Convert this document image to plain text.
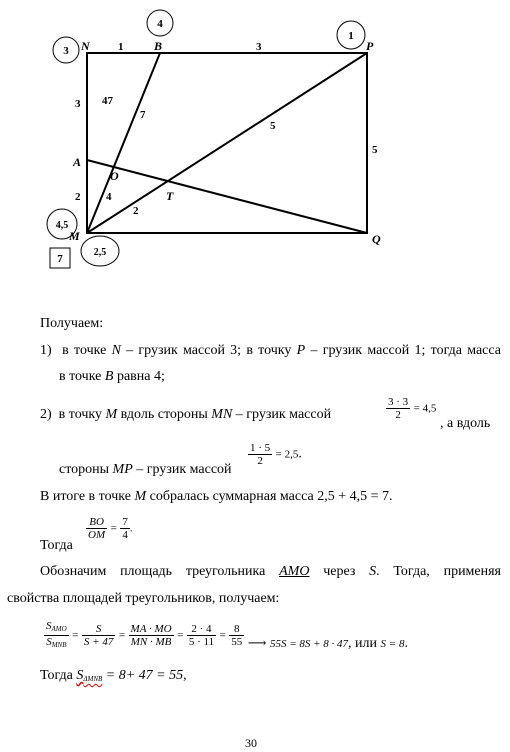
3
4
1
4,5
2,5
7
N	B	P
A
O
T
M	Q
1	3
3 47
7
5
5
2 4
2
Получаем:
1) в точке N – грузик массой 3; в точку P – грузик массой 1; тогда масса
в точке B равна 4;
2) в точку M вдоль стороны MN – грузик массой	$\frac{3 \cdot 3}{2} = 4,5$
, а вдоль
стороны MP – грузик массой
$\frac{1 \cdot 5}{2} = 2,5$.
В итоге в точке M собралась суммарная масса 2,5 + 4,5 = 7.
Тогда
$\frac{BO}{OM} = \frac{7}{4}$ .
Обозначим площадь треугольника AMO через S. Тогда, применяя
свойства площадей треугольников, получаем:
$\frac{S_{AMO}}{S_{MNB}} = \frac{S}{S + 47} = \frac{MA \cdot MO}{MN \cdot MB} = \frac{2 \cdot 4}{5 \cdot 11} = \frac{8}{55}$ ⟶ $_{55S = 8S + 8 \cdot 47}$, или $_{S = 8}$.
Тогда $S_{\Delta MNB} = 8+ 47 = 55$,
30
